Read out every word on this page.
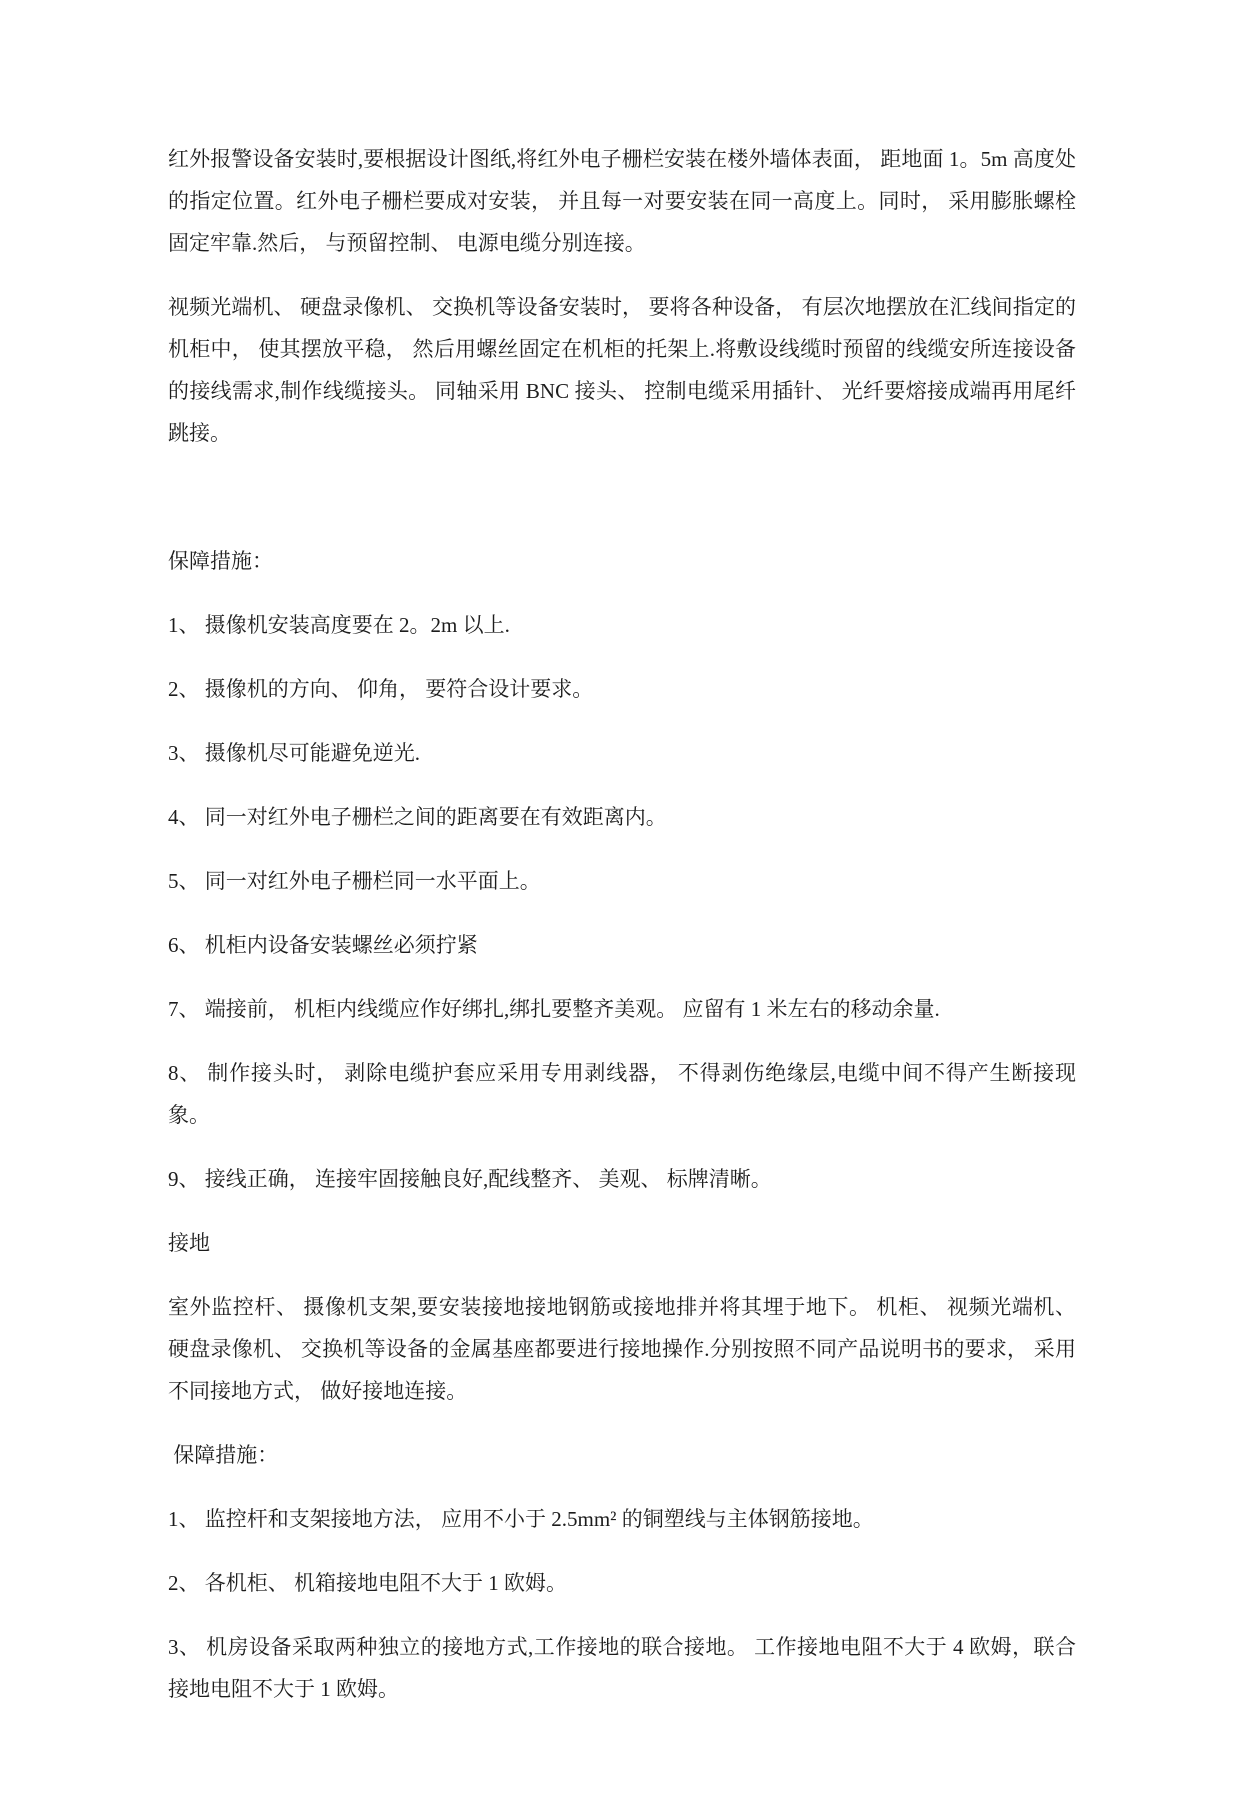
红外报警设备安装时,要根据设计图纸,将红外电子栅栏安装在楼外墙体表面， 距地面 1。5m 高度处的指定位置。红外电子栅栏要成对安装， 并且每一对要安装在同一高度上。同时， 采用膨胀螺栓固定牢靠.然后， 与预留控制、 电源电缆分别连接。

视频光端机、 硬盘录像机、 交换机等设备安装时， 要将各种设备， 有层次地摆放在汇线间指定的机柜中， 使其摆放平稳， 然后用螺丝固定在机柜的托架上.将敷设线缆时预留的线缆安所连接设备的接线需求,制作线缆接头。 同轴采用 BNC 接头、 控制电缆采用插针、 光纤要熔接成端再用尾纤跳接。

保障措施：

1、 摄像机安装高度要在 2。2m 以上.

2、 摄像机的方向、 仰角， 要符合设计要求。

3、 摄像机尽可能避免逆光.

4、 同一对红外电子栅栏之间的距离要在有效距离内。

5、 同一对红外电子栅栏同一水平面上。

6、 机柜内设备安装螺丝必须拧紧

7、 端接前， 机柜内线缆应作好绑扎,绑扎要整齐美观。 应留有 1 米左右的移动余量.

8、 制作接头时， 剥除电缆护套应采用专用剥线器， 不得剥伤绝缘层,电缆中间不得产生断接现象。

9、 接线正确， 连接牢固接触良好,配线整齐、 美观、 标牌清晰。

接地

室外监控杆、 摄像机支架,要安装接地接地钢筋或接地排并将其埋于地下。 机柜、 视频光端机、 硬盘录像机、 交换机等设备的金属基座都要进行接地操作.分别按照不同产品说明书的要求， 采用不同接地方式， 做好接地连接。

保障措施：

1、 监控杆和支架接地方法， 应用不小于 2.5mm² 的铜塑线与主体钢筋接地。

2、 各机柜、 机箱接地电阻不大于 1 欧姆。

3、 机房设备采取两种独立的接地方式,工作接地的联合接地。 工作接地电阻不大于 4 欧姆，联合接地电阻不大于 1 欧姆。
